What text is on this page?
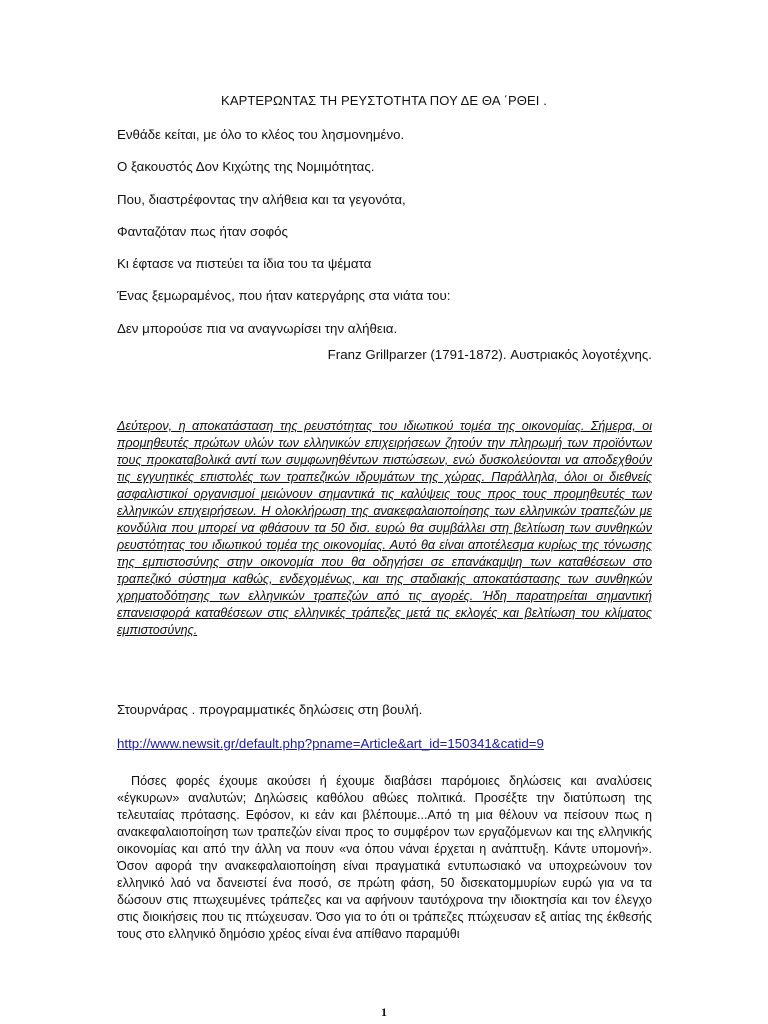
ΚΑΡΤΕΡΩΝΤΑΣ ΤΗ ΡΕΥΣΤΟΤΗΤΑ ΠΟΥ ΔΕ ΘΑ ΄ΡΘΕΙ .
Ενθάδε κείται, με όλο το κλέος του λησμονημένο.
Ο ξακουστός Δον Κιχώτης της Νομιμότητας.
Που, διαστρέφοντας την αλήθεια και τα γεγονότα,
Φανταζόταν πως ήταν σοφός
Κι έφτασε να πιστεύει τα ίδια του τα ψέματα
Ένας ξεμωραμένος, που ήταν κατεργάρης στα νιάτα του:
Δεν μπορούσε πια να αναγνωρίσει την αλήθεια.
Franz Grillparzer (1791-1872). Αυστριακός λογοτέχνης.
Δεύτερον, η αποκατάσταση της ρευστότητας του ιδιωτικού τομέα της οικονομίας. Σήμερα, οι προμηθευτές πρώτων υλών των ελληνικών επιχειρήσεων ζητούν την πληρωμή των προϊόντων τους προκαταβολικά αντί των συμφωνηθέντων πιστώσεων, ενώ δυσκολεύονται να αποδεχθούν τις εγγυητικές επιστολές των τραπεζικών ιδρυμάτων της χώρας. Παράλληλα, όλοι οι διεθνείς ασφαλιστικοί οργανισμοί μειώνουν σημαντικά τις καλύψεις τους προς τους προμηθευτές των ελληνικών επιχειρήσεων. Η ολοκλήρωση της ανακεφαλαιοποίησης των ελληνικών τραπεζών με κονδύλια που μπορεί να φθάσουν τα 50 δισ. ευρώ θα συμβάλλει στη βελτίωση των συνθηκών ρευστότητας του ιδιωτικού τομέα της οικονομίας. Αυτό θα είναι αποτέλεσμα κυρίως της τόνωσης της εμπιστοσύνης στην οικονομία που θα οδηγήσει σε επανάκαμψη των καταθέσεων στο τραπεζικό σύστημα καθώς, ενδεχομένως, και της σταδιακής αποκατάστασης των συνθηκών χρηματοδότησης των ελληνικών τραπεζών από τις αγορές. Ήδη παρατηρείται σημαντική επανεισφορά καταθέσεων στις ελληνικές τράπεζες μετά τις εκλογές και βελτίωση του κλίματος εμπιστοσύνης.
Στουρνάρας . προγραμματικές δηλώσεις στη βουλή.
http://www.newsit.gr/default.php?pname=Article&art_id=150341&catid=9
Πόσες φορές έχουμε ακούσει ή έχουμε διαβάσει παρόμοιες δηλώσεις και αναλύσεις «έγκυρων» αναλυτών; Δηλώσεις καθόλου αθώες πολιτικά. Προσέξτε την διατύπωση της τελευταίας πρότασης. Εφόσον, κι εάν και βλέπουμε...Από τη μια θέλουν να πείσουν πως η ανακεφαλαιοποίηση των τραπεζών είναι προς το συμφέρον των εργαζόμενων και της ελληνικής οικονομίας και από την άλλη να πουν «να όπου νάναι έρχεται η ανάπτυξη. Κάντε υπομονή». Όσον αφορά την ανακεφαλαιοποίηση είναι πραγματικά εντυπωσιακό να υποχρεώνουν τον ελληνικό λαό να δανειστεί ένα ποσό, σε πρώτη φάση, 50 δισεκατομμυρίων ευρώ για να τα δώσουν στις πτωχευμένες τράπεζες και να αφήνουν ταυτόχρονα την ιδιοκτησία και τον έλεγχο στις διοικήσεις που τις πτώχευσαν. Όσο για το ότι οι τράπεζες πτώχευσαν εξ αιτίας της έκθεσής τους στο ελληνικό δημόσιο χρέος είναι ένα απίθανο παραμύθι
1
